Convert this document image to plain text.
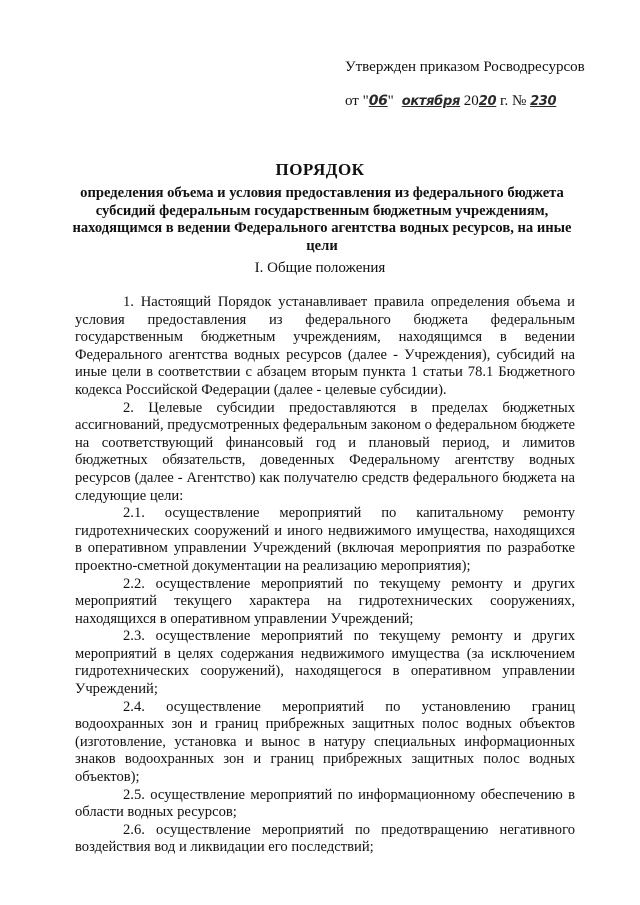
Утвержден приказом Росводресурсов
от "06" октября 2020 г. № 230
ПОРЯДОК
определения объема и условия предоставления из федерального бюджета субсидий федеральным государственным бюджетным учреждениям, находящимся в ведении Федерального агентства водных ресурсов, на иные цели
I. Общие положения

1. Настоящий Порядок устанавливает правила определения объема и условия предоставления из федерального бюджета федеральным государственным бюджетным учреждениям, находящимся в ведении Федерального агентства водных ресурсов (далее - Учреждения), субсидий на иные цели в соответствии с абзацем вторым пункта 1 статьи 78.1 Бюджетного кодекса Российской Федерации (далее - целевые субсидии).

2. Целевые субсидии предоставляются в пределах бюджетных ассигнований, предусмотренных федеральным законом о федеральном бюджете на соответствующий финансовый год и плановый период, и лимитов бюджетных обязательств, доведенных Федеральному агентству водных ресурсов (далее - Агентство) как получателю средств федерального бюджета на следующие цели:

2.1. осуществление мероприятий по капитальному ремонту гидротехнических сооружений и иного недвижимого имущества, находящихся в оперативном управлении Учреждений (включая мероприятия по разработке проектно-сметной документации на реализацию мероприятия);

2.2. осуществление мероприятий по текущему ремонту и других мероприятий текущего характера на гидротехнических сооружениях, находящихся в оперативном управлении Учреждений;

2.3. осуществление мероприятий по текущему ремонту и других мероприятий в целях содержания недвижимого имущества (за исключением гидротехнических сооружений), находящегося в оперативном управлении Учреждений;

2.4. осуществление мероприятий по установлению границ водоохранных зон и границ прибрежных защитных полос водных объектов (изготовление, установка и вынос в натуру специальных информационных знаков водоохранных зон и границ прибрежных защитных полос водных объектов);

2.5. осуществление мероприятий по информационному обеспечению в области водных ресурсов;

2.6. осуществление мероприятий по предотвращению негативного воздействия вод и ликвидации его последствий;
